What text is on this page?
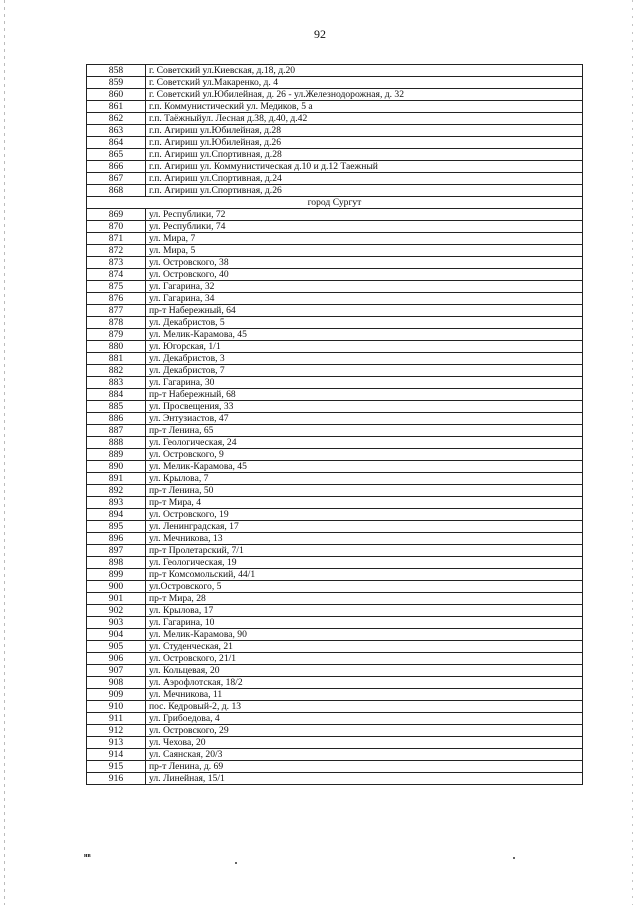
92
858	г. Советский ул.Киевская, д.18, д.20
859	г. Советский ул.Макаренко, д. 4
860	г. Советский ул.Юбилейная, д. 26 - ул.Железнодорожная, д. 32
861	г.п. Коммунистический ул. Медиков, 5 а
862	г.п. Таёжныйул. Лесная д.38, д.40, д.42
863	г.п. Агириш ул.Юбилейная, д.28
864	г.п. Агириш ул.Юбилейная, д.26
865	г.п. Агириш ул.Спортивная, д.28
866	г.п. Агириш ул. Коммунистическая д.10 и д.12 Таежный
867	г.п. Агириш ул.Спортивная, д.24
868	г.п. Агириш ул.Спортивная, д.26
город Сургут	
869	ул. Республики, 72
870	ул. Республики, 74
871	ул. Мира, 7
872	ул. Мира, 5
873	ул. Островского, 38
874	ул. Островского, 40
875	ул. Гагарина, 32
876	ул. Гагарина, 34
877	пр-т Набережный, 64
878	ул. Декабристов, 5
879	ул. Мелик-Карамова, 45
880	ул. Югорская, 1/1
881	ул. Декабристов, 3
882	ул. Декабристов, 7
883	ул. Гагарина, 30
884	пр-т Набережный, 68
885	ул. Просвещения, 33
886	ул. Энтузиастов, 47
887	пр-т Ленина, 65
888	ул. Геологическая, 24
889	ул. Островского, 9
890	ул. Мелик-Карамова, 45
891	ул. Крылова, 7
892	пр-т Ленина, 50
893	пр-т Мира, 4
894	ул. Островского, 19
895	ул. Ленинградская, 17
896	ул. Мечникова, 13
897	пр-т Пролетарский, 7/1
898	ул. Геологическая, 19
899	пр-т Комсомольский, 44/1
900	ул.Островского, 5
901	пр-т Мира, 28
902	ул. Крылова, 17
903	ул. Гагарина, 10
904	ул. Мелик-Карамова, 90
905	ул. Студенческая, 21
906	ул. Островского, 21/1
907	ул. Кольцевая, 20
908	ул. Аэрофлотская, 18/2
909	ул. Мечникова, 11
910	пос. Кедровый-2, д. 13
911	ул. Грибоедова, 4
912	ул. Островского, 29
913	ул. Чехова, 20
914	ул. Саянская, 20/3
915	пр-т Ленина, д. 69
916	ул. Линейная, 15/1
нв
